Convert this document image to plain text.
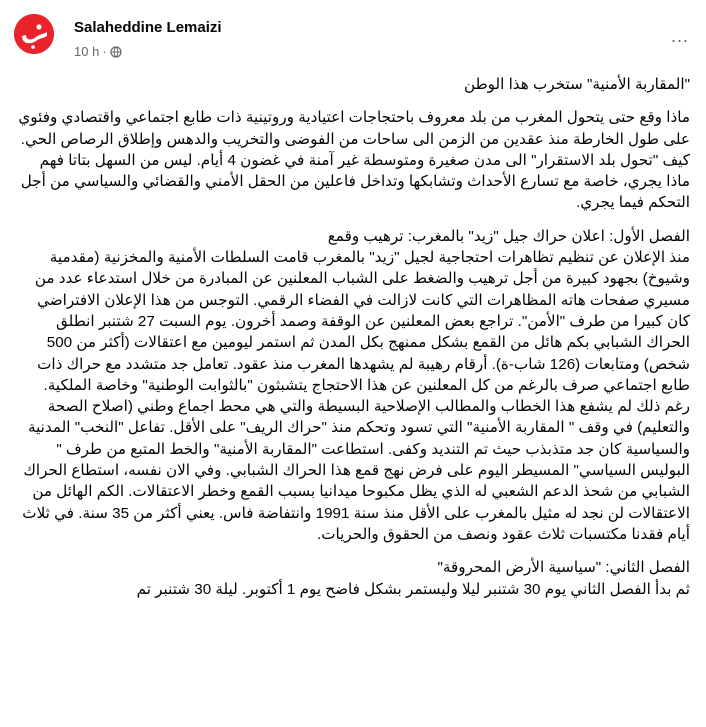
Salaheddine Lemaizi
10 h ·
...

"المقاربة الأمنية" ستخرب هذا الوطن

ماذا وقع حتى يتحول المغرب من بلد معروف باحتجاجات اعتيادية وروتينية ذات طابع اجتماعي واقتصادي وفئوي على طول الخارطة منذ عقدين من الزمن الى ساحات من الفوضى والتخريب والدهس وإطلاق الرصاص الحي. كيف "تحول بلد الاستقرار" الى مدن صغيرة ومتوسطة غير آمنة في غضون 4 أيام. ليس من السهل بتاتا فهم ماذا يجري، خاصة مع تسارع الأحداث وتشابكها وتداخل فاعلين من الحقل الأمني والقضائي والسياسي من أجل التحكم فيما يجري.

الفصل الأول: اعلان حراك جيل "زيد" بالمغرب: ترهيب وقمع

منذ الإعلان عن تنظيم تظاهرات احتجاجية لجيل "زيد" بالمغرب قامت السلطات الأمنية والمخزنية (مقدمية وشيوخ) بجهود كبيرة من أجل ترهيب والضغط على الشباب المعلنين عن المبادرة من خلال استدعاء عدد من مسيري صفحات هاته المظاهرات التي كانت لازالت في الفضاء الرقمي. التوجس من هذا الإعلان الافتراضي كان كبيرا من طرف "الأمن". تراجع بعض المعلنين عن الوقفة وصمد أخرون. يوم السبت 27 شتنبر انطلق الحراك الشبابي بكم هائل من القمع بشكل ممنهج بكل المدن ثم استمر ليومين مع اعتقالات (أكثر من 500 شخص) ومتابعات (126 شاب-ة). أرقام رهيبة لم يشهدها المغرب منذ عقود. تعامل جد متشدد مع حراك ذات طابع اجتماعي صرف بالرغم من كل المعلنين عن هذا الاحتجاج يتشبثون "بالثوابت الوطنية" وخاصة الملكية.

رغم ذلك لم يشفع هذا الخطاب والمطالب الإصلاحية البسيطة والتي هي محط اجماع وطني (اصلاح الصحة والتعليم) في وقف " المقاربة الأمنية" التي تسود وتحكم منذ "حراك الريف" على الأقل. تفاعل "النخب" المدنية والسياسية كان جد متذبذب حيث تم التنديد وكفى. استطاعت "المقاربة الأمنية" والخط المتبع من طرف " البوليس السياسي" المسيطر اليوم على فرض نهج قمع هذا الحراك الشبابي. وفي الان نفسه، استطاع الحراك الشبابي من شحذ الدعم الشعبي له الذي يظل مكبوحا ميدانيا بسبب القمع وخطر الاعتقالات. الكم الهائل من الاعتقالات لن نجد له مثيل بالمغرب على الأقل منذ سنة 1991 وانتفاضة فاس. يعني أكثر من 35 سنة. في ثلاث أيام فقدنا مكتسبات ثلاث عقود ونصف من الحقوق والحريات.

الفصل الثاني: "سياسية الأرض المحروقة"

ثم بدأ الفصل الثاني يوم 30 شتنبر ليلا وليستمر بشكل فاضح يوم 1 أكتوبر. ليلة 30 شتنبر تم
